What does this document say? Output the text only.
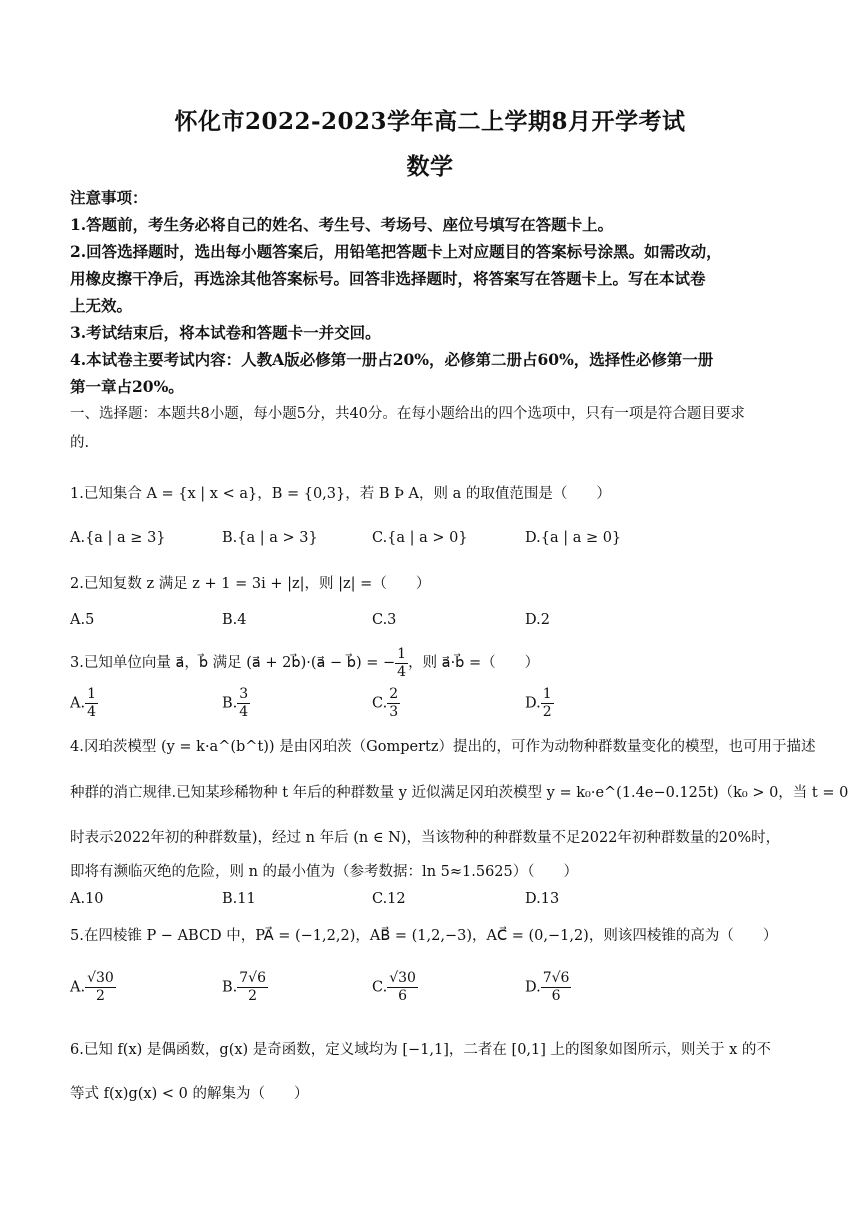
怀化市2022-2023学年高二上学期8月开学考试
数学
注意事项：
1.答题前，考生务必将自己的姓名、考生号、考场号、座位号填写在答题卡上。
2.回答选择题时，选出每小题答案后，用铅笔把答题卡上对应题目的答案标号涂黑。如需改动，
用橡皮擦干净后，再选涂其他答案标号。回答非选择题时，将答案写在答题卡上。写在本试卷
上无效。
3.考试结束后，将本试卷和答题卡一并交回。
4.本试卷主要考试内容：人教A版必修第一册占20%，必修第二册占60%，选择性必修第一册
第一章占20%。
一、选择题：本题共8小题，每小题5分，共40分。在每小题给出的四个选项中，只有一项是符合题目要求
的.
1.已知集合 A = {x | x < a}，B = {0,3}，若 B Þ A，则 a 的取值范围是（　　）
A.{a | a ≥ 3}	B.{a | a > 3}	C.{a | a > 0}	D.{a | a ≥ 0}
2.已知复数 z 满足 z + 1 = 3i + |z|，则 |z| =（　　）
A.5	B.4	C.3	D.2
3.已知单位向量 a⃗，b⃗ 满足 (a⃗ + 2b⃗)·(a⃗ − b⃗) = − $\frac{1}{4}$ ，则 a⃗·b⃗ =（　　）
A. $\frac{1}{4}$	B. $\frac{3}{4}$	C. $\frac{2}{3}$	D. $\frac{1}{2}$
4.冈珀茨模型 (y = k·a^(b^t)) 是由冈珀茨（Gompertz）提出的，可作为动物种群数量变化的模型，也可用于描述
种群的消亡规律.已知某珍稀物种 t 年后的种群数量 y 近似满足冈珀茨模型 y = k₀·e^(1.4e−0.125t)（k₀ > 0，当 t = 0
时表示2022年初的种群数量)，经过 n 年后 (n ∈ N)，当该物种的种群数量不足2022年初种群数量的20%时，
即将有濒临灭绝的危险，则 n 的最小值为（参考数据：ln 5≈1.5625）（　　）
A.10	B.11	C.12	D.13
5.在四棱锥 P − ABCD 中，PA⃗ = (−1,2,2)，AB⃗ = (1,2,−3)，AC⃗ = (0,−1,2)，则该四棱锥的高为（　　）
A. $\frac{√30}{2}$	B. $\frac{7√6}{2}$	C. $\frac{√30}{6}$	D. $\frac{7√6}{6}$
6.已知 f(x) 是偶函数，g(x) 是奇函数，定义域均为 [−1,1]，二者在 [0,1] 上的图象如图所示，则关于 x 的不
等式 f(x)g(x) < 0 的解集为（　　）
